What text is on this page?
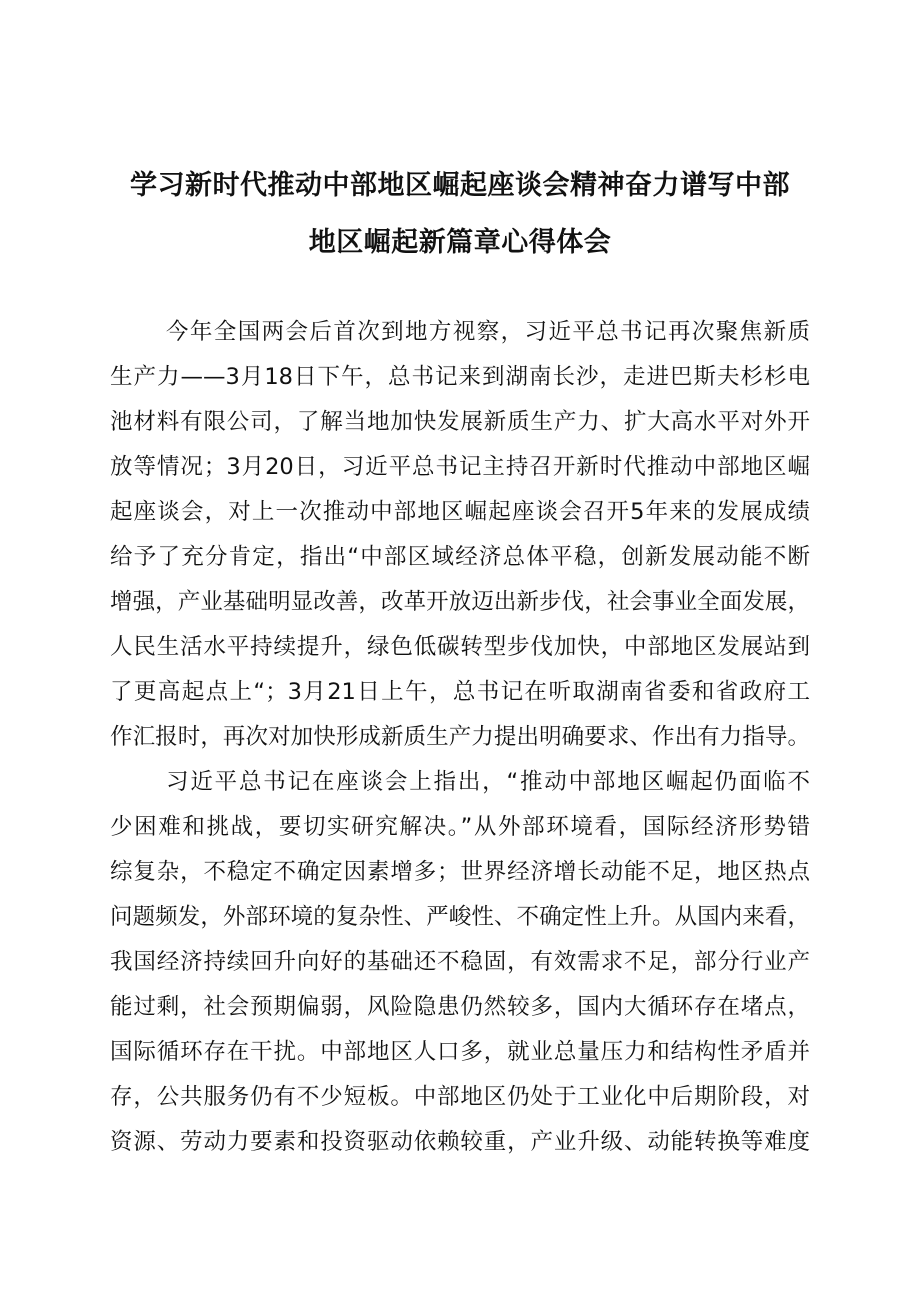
学习新时代推动中部地区崛起座谈会精神奋力谱写中部
地区崛起新篇章心得体会
今年全国两会后首次到地方视察，习近平总书记再次聚焦新质
生产力——3月18日下午，总书记来到湖南长沙，走进巴斯夫杉杉电
池材料有限公司，了解当地加快发展新质生产力、扩大高水平对外开
放等情况；3月20日，习近平总书记主持召开新时代推动中部地区崛
起座谈会，对上一次推动中部地区崛起座谈会召开5年来的发展成绩
给予了充分肯定，指出“中部区域经济总体平稳，创新发展动能不断
增强，产业基础明显改善，改革开放迈出新步伐，社会事业全面发展，
人民生活水平持续提升，绿色低碳转型步伐加快，中部地区发展站到
了更高起点上“；3月21日上午，总书记在听取湖南省委和省政府工
作汇报时，再次对加快形成新质生产力提出明确要求、作出有力指导。
习近平总书记在座谈会上指出，“推动中部地区崛起仍面临不
少困难和挑战，要切实研究解决。”从外部环境看，国际经济形势错
综复杂，不稳定不确定因素增多；世界经济增长动能不足，地区热点
问题频发，外部环境的复杂性、严峻性、不确定性上升。从国内来看，
我国经济持续回升向好的基础还不稳固，有效需求不足，部分行业产
能过剩，社会预期偏弱，风险隐患仍然较多，国内大循环存在堵点，
国际循环存在干扰。中部地区人口多，就业总量压力和结构性矛盾并
存，公共服务仍有不少短板。中部地区仍处于工业化中后期阶段，对
资源、劳动力要素和投资驱动依赖较重，产业升级、动能转换等难度
